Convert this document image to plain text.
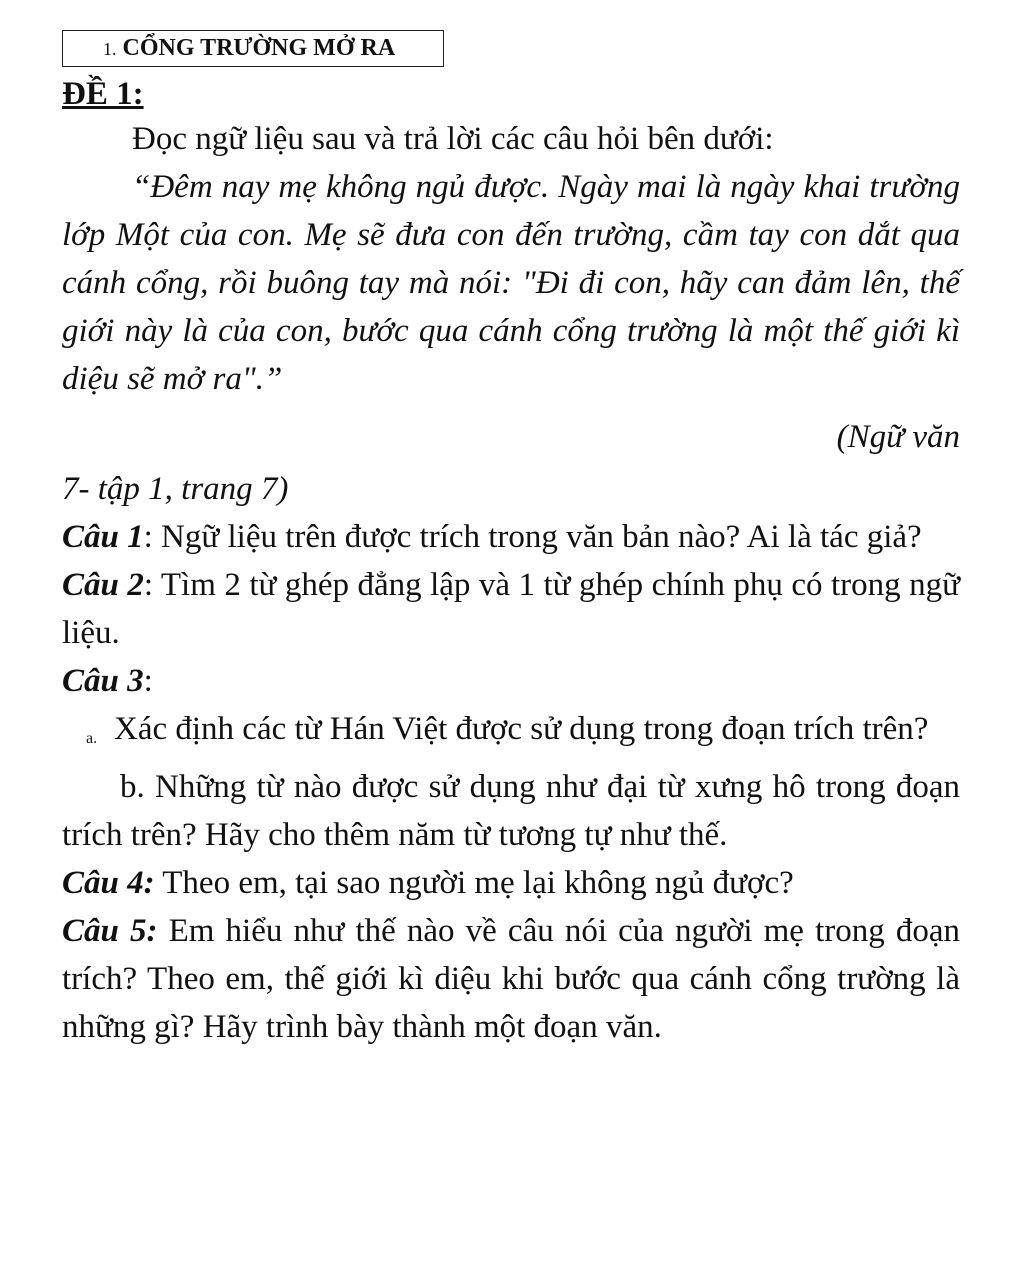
1. CỔNG TRƯỜNG MỞ RA
ĐỀ 1:
Đọc ngữ liệu sau và trả lời các câu hỏi bên dưới:
“Đêm nay mẹ không ngủ được. Ngày mai là ngày khai trường lớp Một của con. Mẹ sẽ đưa con đến trường, cầm tay con dắt qua cánh cổng, rồi buông tay mà nói: "Đi đi con, hãy can đảm lên, thế giới này là của con, bước qua cánh cổng trường là một thế giới kì diệu sẽ mở ra".”
(Ngữ văn
7- tập 1, trang 7)
Câu 1: Ngữ liệu trên được trích trong văn bản nào? Ai là tác giả?
Câu 2: Tìm 2 từ ghép đẳng lập và 1 từ ghép chính phụ có trong ngữ liệu.
Câu 3:
a. Xác định các từ Hán Việt được sử dụng trong đoạn trích trên?
b. Những từ nào được sử dụng như đại từ xưng hô trong đoạn trích trên? Hãy cho thêm năm từ tương tự như thế.
Câu 4: Theo em, tại sao người mẹ lại không ngủ được?
Câu 5: Em hiểu như thế nào về câu nói của người mẹ trong đoạn trích? Theo em, thế giới kì diệu khi bước qua cánh cổng trường là những gì? Hãy trình bày thành một đoạn văn.
